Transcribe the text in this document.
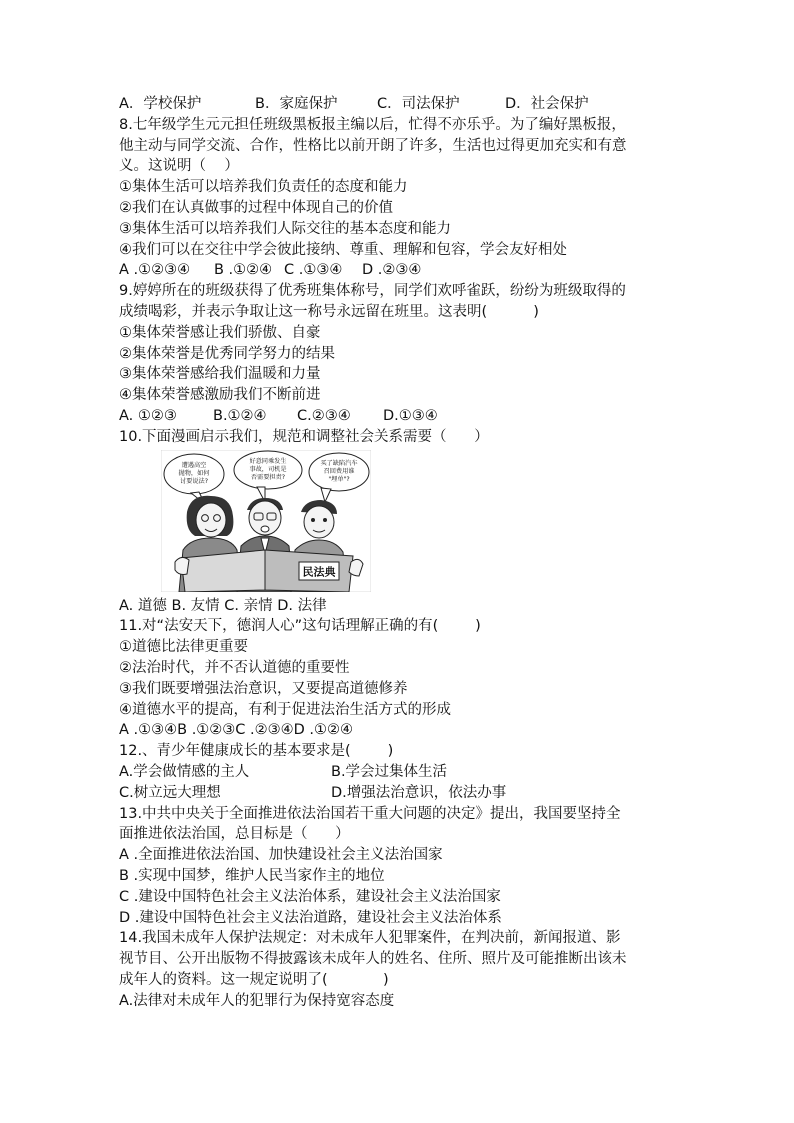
A．学校保护	B．家庭保护	C．司法保护	D．社会保护
8.七年级学生元元担任班级黑板报主编以后，忙得不亦乐乎。为了编好黑板报，
他主动与同学交流、合作，性格比以前开朗了许多，生活也过得更加充实和有意
义。这说明（    ）
①集体生活可以培养我们负责任的态度和能力
②我们在认真做事的过程中体现自己的价值
③集体生活可以培养我们人际交往的基本态度和能力
④我们可以在交往中学会彼此接纳、尊重、理解和包容，学会友好相处
A .①②③④	B .①②④ C .①③④	D .②③④
9.婷婷所在的班级获得了优秀班集体称号，同学们欢呼雀跃，纷纷为班级取得的
成绩喝彩，并表示争取让这一称号永远留在班里。这表明(          )
①集体荣誉感让我们骄傲、自豪
②集体荣誉是优秀同学努力的结果
③集体荣誉感给我们温暖和力量
④集体荣誉感激励我们不断前进
A. ①②③	B.①②④	C.②③④	D.①③④
10.下面漫画启示我们，规范和调整社会关系需要（      ）
遭遇高空
抛物，如何
讨要说法?
好意同乘发生
事故，司机是
否需要担责?
买了缺陷汽车
召回费用谁
"埋单"?
民法典
A. 道德 B. 友情 C. 亲情 D. 法律
11.对“法安天下，德润人心”这句话理解正确的有(        )
①道德比法律更重要
②法治时代，并不否认道德的重要性
③我们既要增强法治意识，又要提高道德修养
④道德水平的提高，有利于促进法治生活方式的形成
A .①③④B .①②③C .②③④D .①②④
12.、青少年健康成长的基本要求是(        )
A.学会做情感的主人	B.学会过集体生活
C.树立远大理想	D.增强法治意识，依法办事
13.中共中央关于全面推进依法治国若干重大问题的决定》提出，我国要坚持全
面推进依法治国，总目标是（      ）
A .全面推进依法治国、加快建设社会主义法治国家
B .实现中国梦，维护人民当家作主的地位
C .建设中国特色社会主义法治体系，建设社会主义法治国家
D .建设中国特色社会主义法治道路，建设社会主义法治体系
14.我国未成年人保护法规定：对未成年人犯罪案件，在判决前，新闻报道、影
视节目、公开出版物不得披露该未成年人的姓名、住所、照片及可能推断出该未
成年人的资料。这一规定说明了(            )
A.法律对未成年人的犯罪行为保持宽容态度
